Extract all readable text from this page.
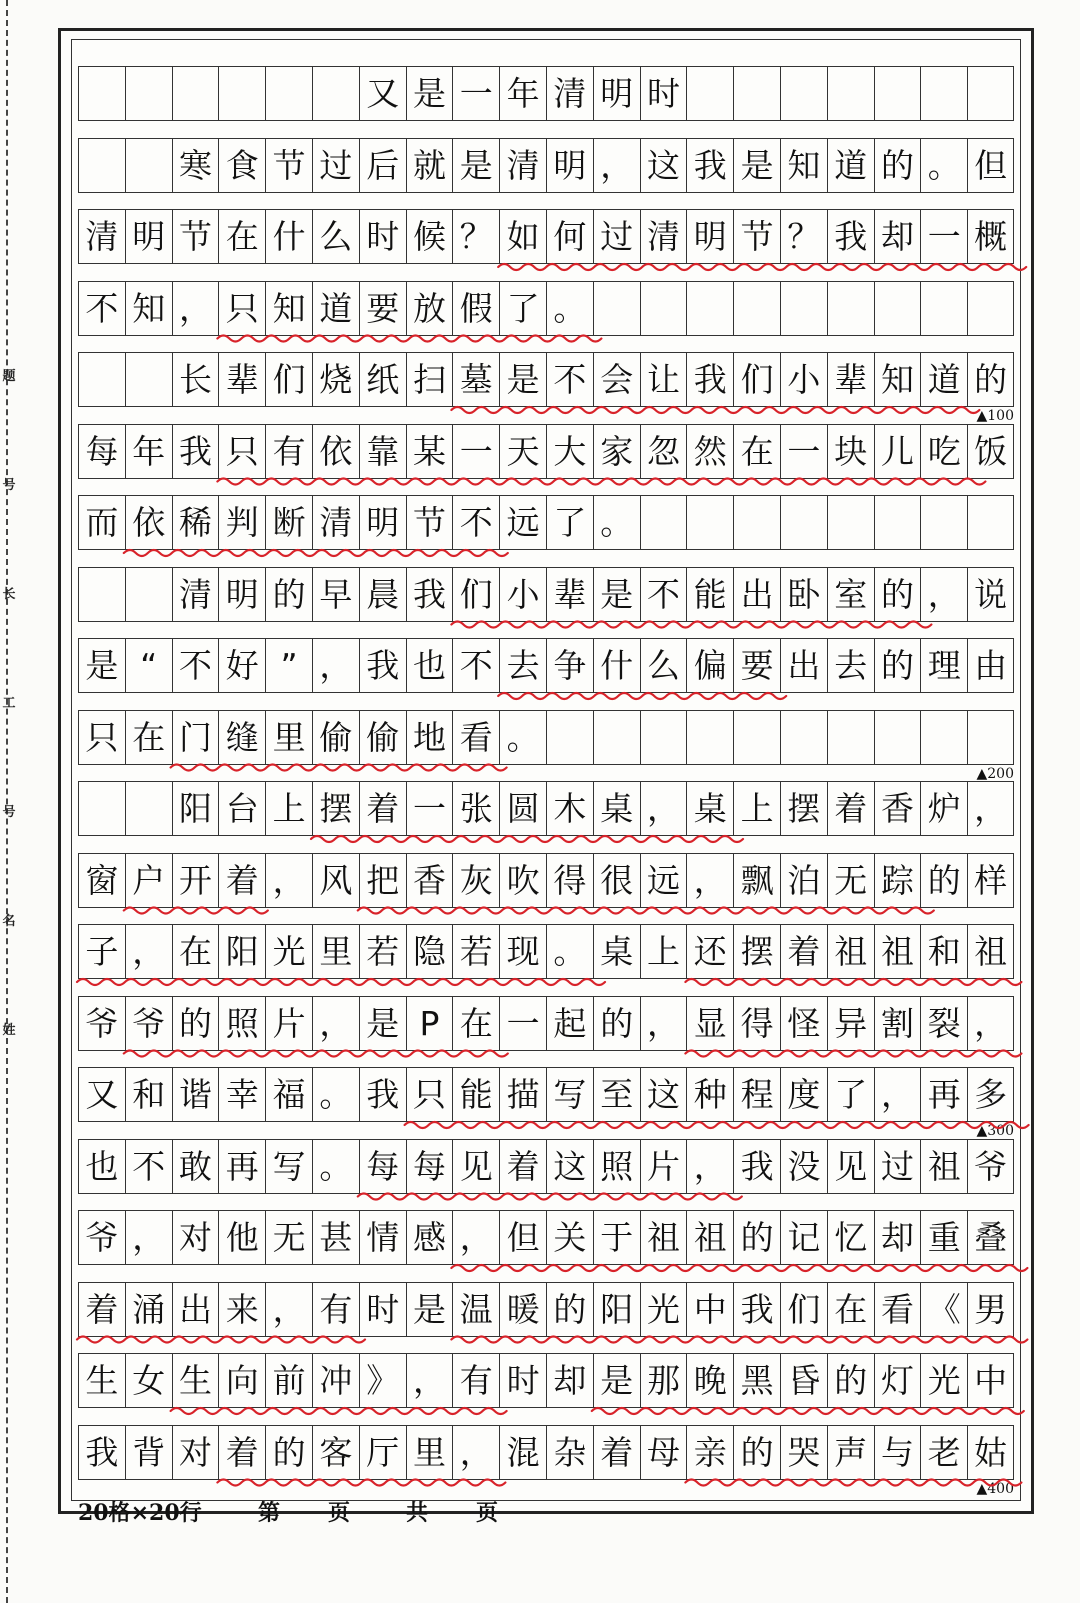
题
号
长
工
号
名
姓
又 是 一 年 清 明 时
寒 食 节 过 后 就 是 清 明 ， 这 我 是 知 道 的 。 但
清 明 节 在 什 么 时 候 ？ 如 何 过 清 明 节 ？ 我 却 一 概
不 知 ， 只 知 道 要 放 假 了 。
长 辈 们 烧 纸 扫 墓 是 不 会 让 我 们 小 辈 知 道 的
▲100
每 年 我 只 有 依 靠 某 一 天 大 家 忽 然 在 一 块 儿 吃 饭
而 依 稀 判 断 清 明 节 不 远 了 。
清 明 的 早 晨 我 们 小 辈 是 不 能 出 卧 室 的 ， 说
是 “ 不 好 ” ， 我 也 不 去 争 什 么 偏 要 出 去 的 理 由
只 在 门 缝 里 偷 偷 地 看 。
▲200
阳 台 上 摆 着 一 张 圆 木 桌 ， 桌 上 摆 着 香 炉 ，
窗 户 开 着 ， 风 把 香 灰 吹 得 很 远 ， 飘 泊 无 踪 的 样
子 ， 在 阳 光 里 若 隐 若 现 。 桌 上 还 摆 着 祖 祖 和 祖
爷 爷 的 照 片 ， 是 P 在 一 起 的 ， 显 得 怪 异 割 裂 ，
又 和 谐 幸 福 。 我 只 能 描 写 至 这 种 程 度 了 ， 再 多
▲300
也 不 敢 再 写 。 每 每 见 着 这 照 片 ， 我 没 见 过 祖 爷
爷 ， 对 他 无 甚 情 感 ， 但 关 于 祖 祖 的 记 忆 却 重 叠
着 涌 出 来 ， 有 时 是 温 暖 的 阳 光 中 我 们 在 看 《 男
生 女 生 向 前 冲 》 ， 有 时 却 是 那 晚 黑 昏 的 灯 光 中
我 背 对 着 的 客 厅 里 ， 混 杂 着 母 亲 的 哭 声 与 老 姑
▲400
20格×20行	第	页	共	页
